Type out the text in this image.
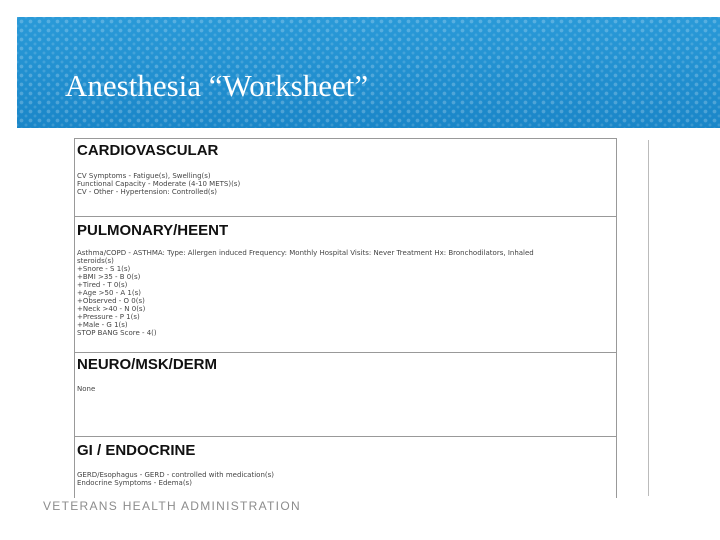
Anesthesia “Worksheet”
CARDIOVASCULAR
CV Symptoms - Fatigue(s), Swelling(s)
Functional Capacity - Moderate (4-10 METS)(s)
CV - Other - Hypertension: Controlled(s)
PULMONARY/HEENT
Asthma/COPD - ASTHMA: Type: Allergen induced Frequency: Monthly Hospital Visits: Never Treatment Hx: Bronchodilators, Inhaled
steroids(s)
+Snore - S 1(s)
+BMI >35 - B 0(s)
+Tired - T 0(s)
+Age >50 - A 1(s)
+Observed - O 0(s)
+Neck >40 - N 0(s)
+Pressure - P 1(s)
+Male - G 1(s)
STOP BANG Score - 4()
NEURO/MSK/DERM
None
GI / ENDOCRINE
GERD/Esophagus - GERD - controlled with medication(s)
Endocrine Symptoms - Edema(s)
VETERANS HEALTH ADMINISTRATION
